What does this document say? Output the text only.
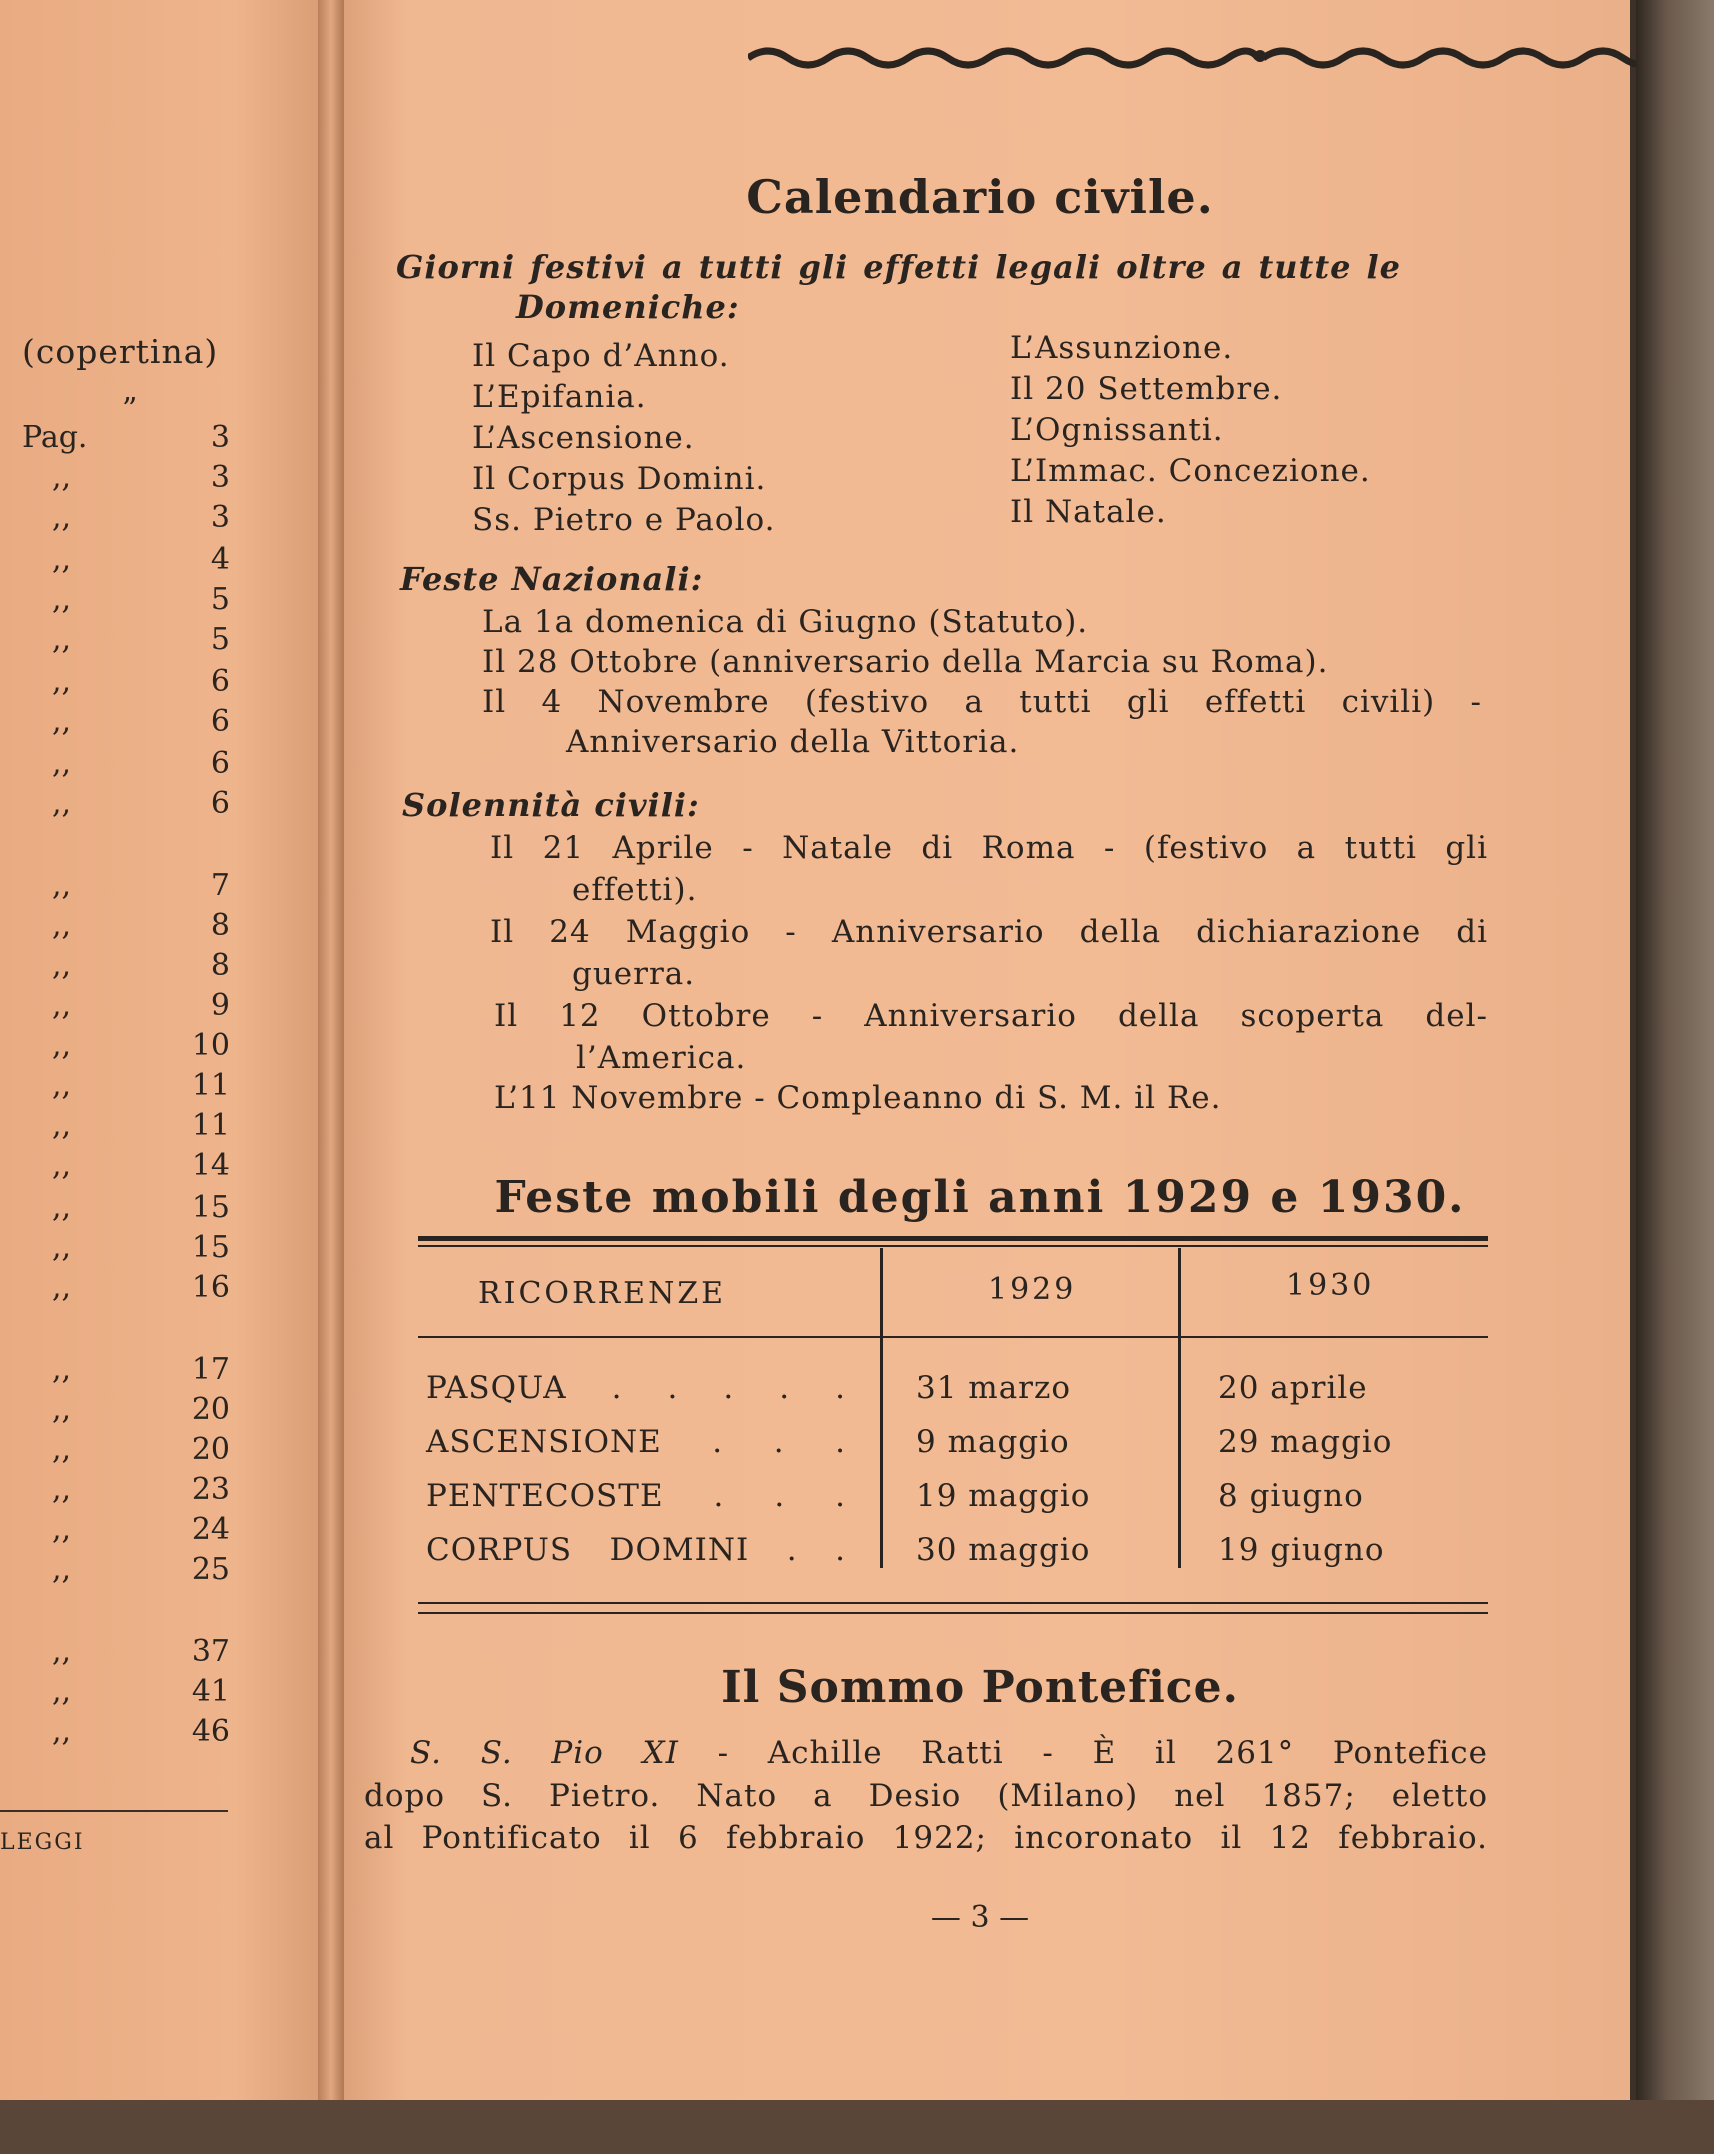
(copertina)
”
Pag.	3
,,	3
,,	3
,,	4
,,	5
,,	5
,,	6
,,	6
,,	6
,,	6
,,	7
,,	8
,,	8
,,	9
,,	10
,,	11
,,	11
,,	14
,,	15
,,	15
,,	16
,,	17
,,	20
,,	20
,,	23
,,	24
,,	25
,,	37
,,	41
,,	46
LEGGI
Calendario civile.
Giorni festivi a tutti gli effetti legali oltre a tutte le
Domeniche:
Il Capo d’Anno.
L’Epifania.
L’Ascensione.
Il Corpus Domini.
Ss. Pietro e Paolo.
L’Assunzione.
Il 20 Settembre.
L’Ognissanti.
L’Immac. Concezione.
Il Natale.
Feste Nazionali:
La 1a domenica di Giugno (Statuto).
Il 28 Ottobre (anniversario della Marcia su Roma).
Il 4 Novembre (festivo a tutti gli effetti civili) -
Anniversario della Vittoria.
Solennità civili:
Il 21 Aprile - Natale di Roma - (festivo a tutti gli
effetti).
Il 24 Maggio - Anniversario della dichiarazione di
guerra.
Il 12 Ottobre - Anniversario della scoperta del-
l’America.
L’11 Novembre - Compleanno di S. M. il Re.
Feste mobili degli anni 1929 e 1930.
RICORRENZE	1929	1930
PASQUA . . . . . 31 marzo	20 aprile
ASCENSIONE . . . 9 maggio	29 maggio
PENTECOSTE . . . 19 maggio	8 giugno
CORPUS DOMINI . . 30 maggio	19 giugno
Il Sommo Pontefice.
S. S. Pio XI - Achille Ratti - È il 261° Pontefice
dopo S. Pietro. Nato a Desio (Milano) nel 1857; eletto
al Pontificato il 6 febbraio 1922; incoronato il 12 febbraio.
— 3 —
